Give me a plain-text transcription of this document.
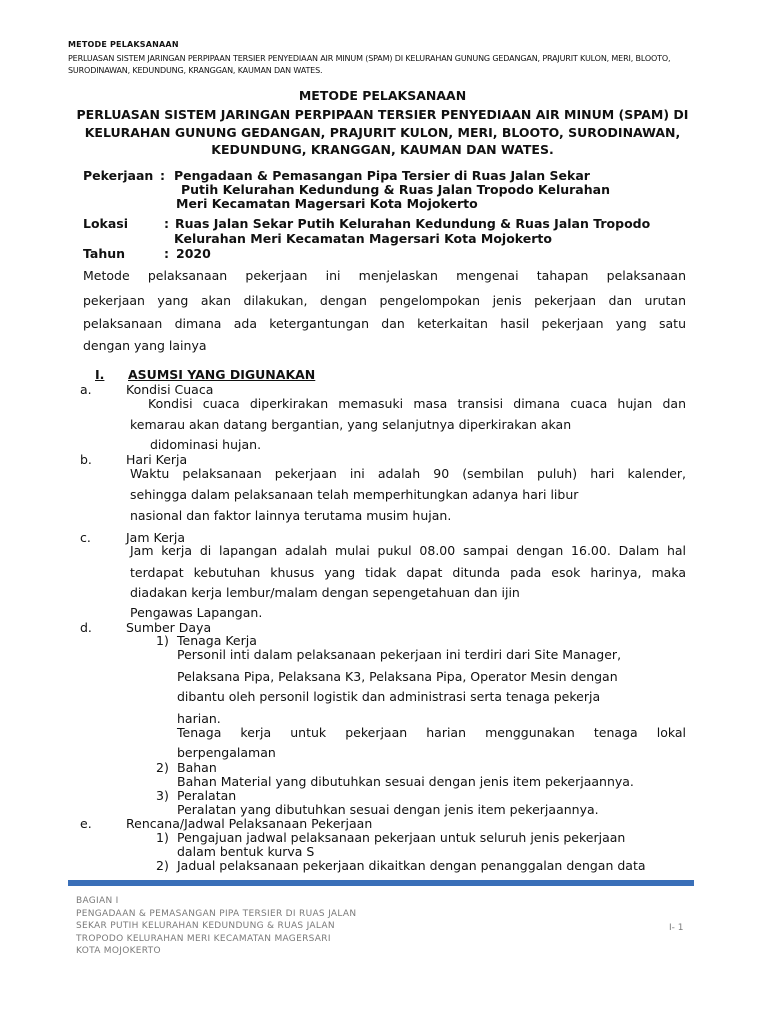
METODE PELAKSANAAN
PERLUASAN SISTEM JARINGAN PERPIPAAN TERSIER PENYEDIAAN AIR MINUM (SPAM) DI KELURAHAN GUNUNG GEDANGAN, PRAJURIT KULON, MERI, BLOOTO, SURODINAWAN, KEDUNDUNG, KRANGGAN, KAUMAN DAN WATES.
METODE PELAKSANAAN
PERLUASAN SISTEM JARINGAN PERPIPAAN TERSIER PENYEDIAAN AIR MINUM (SPAM) DI
KELURAHAN GUNUNG GEDANGAN, PRAJURIT KULON, MERI, BLOOTO, SURODINAWAN,
KEDUNDUNG, KRANGGAN, KAUMAN DAN WATES.
Pekerjaan : Pengadaan & Pemasangan Pipa Tersier di Ruas Jalan Sekar
Putih Kelurahan Kedundung & Ruas Jalan Tropodo Kelurahan
Meri Kecamatan Magersari Kota Mojokerto
Lokasi	: Ruas Jalan Sekar Putih Kelurahan Kedundung & Ruas Jalan Tropodo
Kelurahan Meri Kecamatan Magersari Kota Mojokerto
Tahun	: 2020
Metode pelaksanaan pekerjaan ini menjelaskan mengenai tahapan pelaksanaan
pekerjaan yang akan dilakukan, dengan pengelompokan jenis pekerjaan dan urutan
pelaksanaan dimana ada ketergantungan dan keterkaitan hasil pekerjaan yang satu
dengan yang lainya
I. ASUMSI YANG DIGUNAKAN
a.	Kondisi Cuaca
Kondisi cuaca diperkirakan memasuki masa transisi dimana cuaca hujan dan
kemarau akan datang bergantian, yang selanjutnya diperkirakan akan
didominasi hujan.
b.	Hari Kerja
Waktu pelaksanaan pekerjaan ini adalah 90 (sembilan puluh) hari kalender,
sehingga dalam pelaksanaan telah memperhitungkan adanya hari libur
nasional dan faktor lainnya terutama musim hujan.
c.	Jam Kerja
Jam kerja di lapangan adalah mulai pukul 08.00 sampai dengan 16.00. Dalam hal
terdapat kebutuhan khusus yang tidak dapat ditunda pada esok harinya, maka
diadakan kerja lembur/malam dengan sepengetahuan dan ijin
Pengawas Lapangan.
d.	Sumber Daya
1) Tenaga Kerja
Personil inti dalam pelaksanaan pekerjaan ini terdiri dari Site Manager,
Pelaksana Pipa, Pelaksana K3, Pelaksana Pipa, Operator Mesin dengan
dibantu oleh personil logistik dan administrasi serta tenaga pekerja
harian.
Tenaga kerja untuk pekerjaan harian menggunakan tenaga lokal
berpengalaman
2) Bahan
Bahan Material yang dibutuhkan sesuai dengan jenis item pekerjaannya.
3) Peralatan
Peralatan yang dibutuhkan sesuai dengan jenis item pekerjaannya.
e.	Rencana/Jadwal Pelaksanaan Pekerjaan
1) Pengajuan jadwal pelaksanaan pekerjaan untuk seluruh jenis pekerjaan
dalam bentuk kurva S
2) Jadual pelaksanaan pekerjaan dikaitkan dengan penanggalan dengan data
BAGIAN I
PENGADAAN & PEMASANGAN PIPA TERSIER DI RUAS JALAN
SEKAR PUTIH KELURAHAN KEDUNDUNG & RUAS JALAN
TROPODO KELURAHAN MERI KECAMATAN MAGERSARI
KOTA MOJOKERTO
I- 1
